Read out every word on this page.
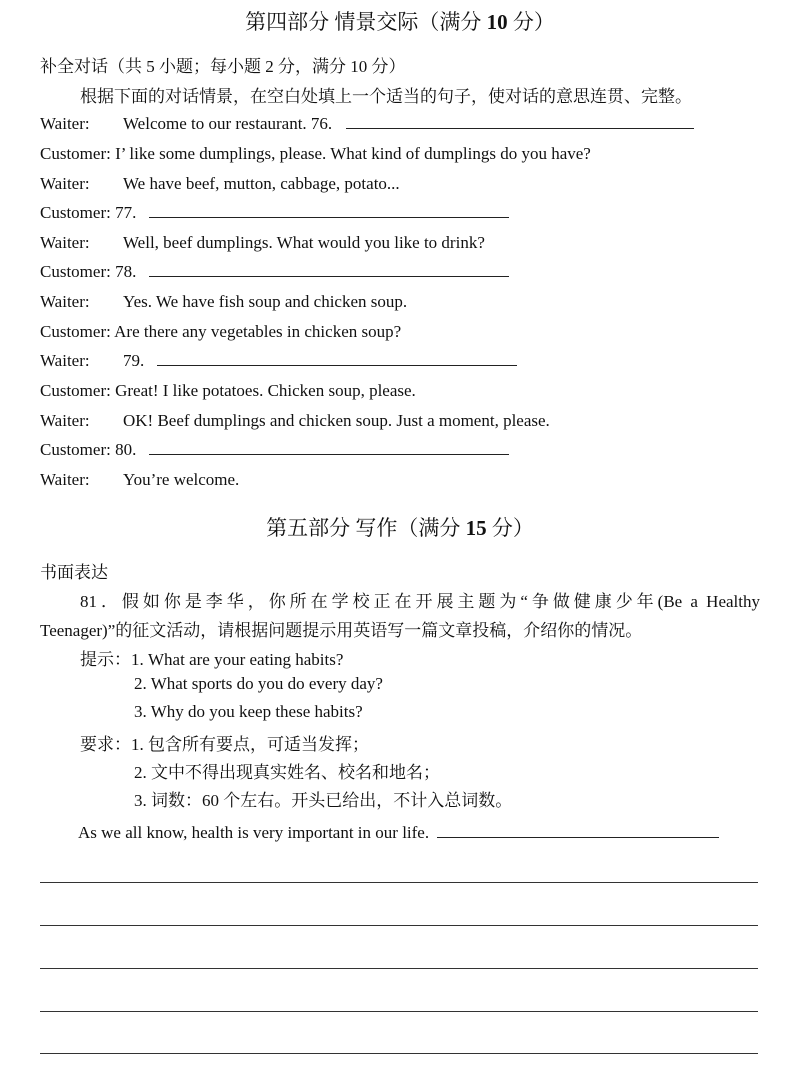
第四部分 情景交际（满分 10 分）
补全对话（共 5 小题；每小题 2 分，满分 10 分）
根据下面的对话情景，在空白处填上一个适当的句子，使对话的意思连贯、完整。
Waiter: Welcome to our restaurant. 76.
Customer: I’ like some dumplings, please. What kind of dumplings do you have?
Waiter: We have beef, mutton, cabbage, potato...
Customer: 77.
Waiter: Well, beef dumplings. What would you like to drink?
Customer: 78.
Waiter: Yes. We have fish soup and chicken soup.
Customer: Are there any vegetables in chicken soup?
Waiter: 79.
Customer: Great! I like potatoes. Chicken soup, please.
Waiter: OK! Beef dumplings and chicken soup. Just a moment, please.
Customer: 80.
Waiter: You’re welcome.
第五部分 写作（满分 15 分）
书面表达
81．假如你是李华，你所在学校正在开展主题为“争做健康少年(Be a Healthy
Teenager)”的征文活动，请根据问题提示用英语写一篇文章投稿，介绍你的情况。
提示：1. What are your eating habits?
2. What sports do you do every day?
3. Why do you keep these habits?
要求：1. 包含所有要点，可适当发挥；
2. 文中不得出现真实姓名、校名和地名；
3. 词数：60 个左右。开头已给出，不计入总词数。
As we all know, health is very important in our life.
